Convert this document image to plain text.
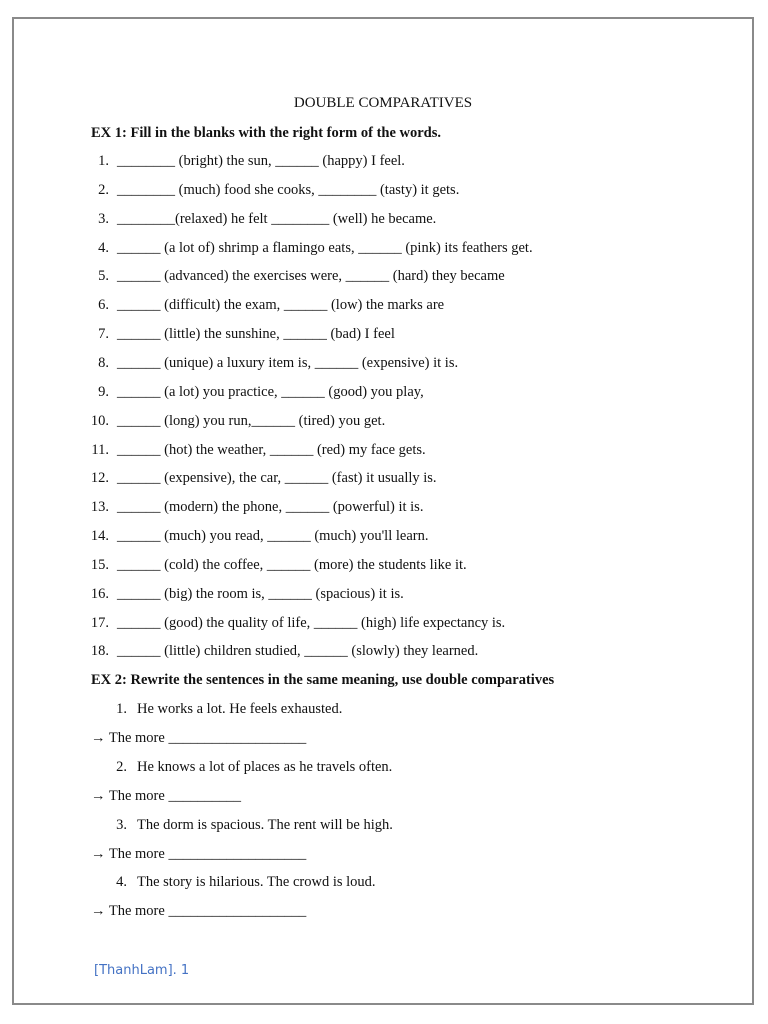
DOUBLE COMPARATIVES
EX 1: Fill in the blanks with the right form of the words.
1. ________ (bright) the sun, ______ (happy) I feel.
2. ________ (much) food she cooks, ________ (tasty) it gets.
3. ________(relaxed) he felt ________ (well) he became.
4. ______ (a lot of) shrimp a flamingo eats, ______ (pink) its feathers get.
5. ______ (advanced) the exercises were, ______ (hard) they became
6. ______ (difficult) the exam, ______ (low) the marks are
7. ______ (little) the sunshine, ______ (bad) I feel
8. ______ (unique) a luxury item is, ______ (expensive) it is.
9. ______ (a lot) you practice, ______ (good) you play,
10. ______ (long) you run,______ (tired) you get.
11. ______ (hot) the weather, ______ (red) my face gets.
12. ______ (expensive), the car, ______ (fast) it usually is.
13. ______ (modern) the phone, ______ (powerful) it is.
14. ______ (much) you read, ______ (much) you'll learn.
15. ______ (cold) the coffee, ______ (more) the students like it.
16. ______ (big) the room is, ______ (spacious) it is.
17. ______ (good) the quality of life, ______ (high) life expectancy is.
18. ______ (little) children studied, ______ (slowly) they learned.
EX 2: Rewrite the sentences in the same meaning, use double comparatives
1. He works a lot. He feels exhausted.
→ The more ___________________
2. He knows a lot of places as he travels often.
→ The more __________
3. The dorm is spacious. The rent will be high.
→ The more ___________________
4. The story is hilarious. The crowd is loud.
→ The more ___________________
[ThanhLam]. 1
